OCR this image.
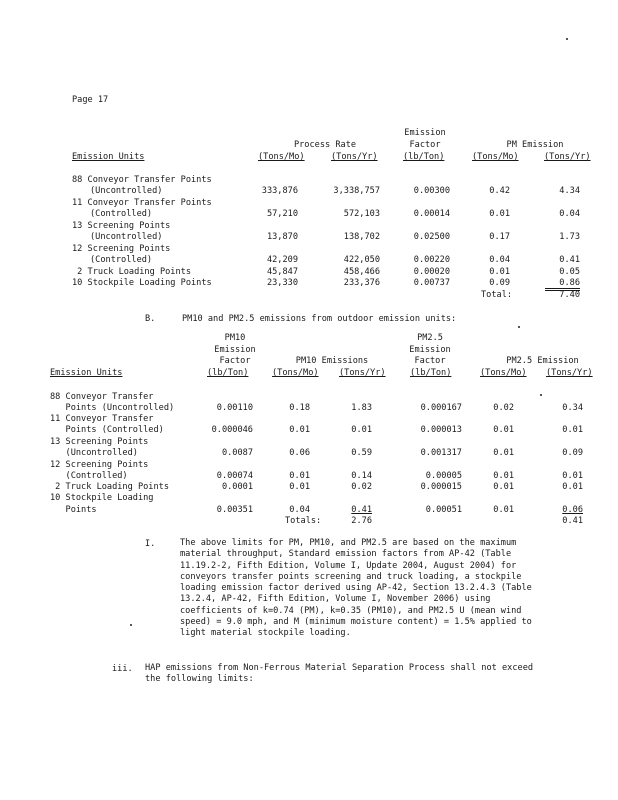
Page 17
Emission
Process Rate	Factor	PM Emission
Emission Units	(Tons/Mo)	(Tons/Yr)	(lb/Ton)	(Tons/Mo)	(Tons/Yr)
88 Conveyor Transfer Points
(Uncontrolled)	333,876	3,338,757	0.00300	0.42	4.34
11 Conveyor Transfer Points
(Controlled)	57,210	572,103	0.00014	0.01	0.04
13 Screening Points
(Uncontrolled)	13,870	138,702	0.02500	0.17	1.73
12 Screening Points
(Controlled)	42,209	422,050	0.00220	0.04	0.41
2 Truck Loading Points	45,847	458,466	0.00020	0.01	0.05
10 Stockpile Loading Points	23,330	233,376	0.00737	0.09	0.86
Total:	7.40
B.	PM10 and PM2.5 emissions from outdoor emission units:
PM10	PM2.5
Emission	Emission
Factor	PM10 Emissions	Factor	PM2.5 Emission
Emission Units	(lb/Ton)	(Tons/Mo) (Tons/Yr)	(lb/Ton)	(Tons/Mo) (Tons/Yr)
88 Conveyor Transfer
Points (Uncontrolled)	0.00110	0.18	1.83	0.000167	0.02	0.34
11 Conveyor Transfer
Points (Controlled)	0.000046	0.01	0.01	0.000013	0.01	0.01
13 Screening Points
(Uncontrolled)	0.0087	0.06	0.59	0.001317	0.01	0.09
12 Screening Points
(Controlled)	0.00074	0.01	0.14	0.00005	0.01	0.01
2 Truck Loading Points	0.0001	0.01	0.02	0.000015	0.01	0.01
10 Stockpile Loading
Points	0.00351	0.04	0.41	0.00051	0.01	0.06
Totals:	2.76	0.41
I.	The above limits for PM, PM10, and PM2.5 are based on the maximum material throughput, Standard emission factors from AP-42 (Table 11.19.2-2, Fifth Edition, Volume I, Update 2004, August 2004) for conveyors transfer points screening and truck loading, a stockpile loading emission factor derived using AP-42, Section 13.2.4.3 (Table 13.2.4, AP-42, Fifth Edition, Volume I, November 2006) using coefficients of k=0.74 (PM), k=0.35 (PM10), and PM2.5 U (mean wind speed) = 9.0 mph, and M (minimum moisture content) = 1.5% applied to light material stockpile loading.
iii. HAP emissions from Non-Ferrous Material Separation Process shall not exceed the following limits:
